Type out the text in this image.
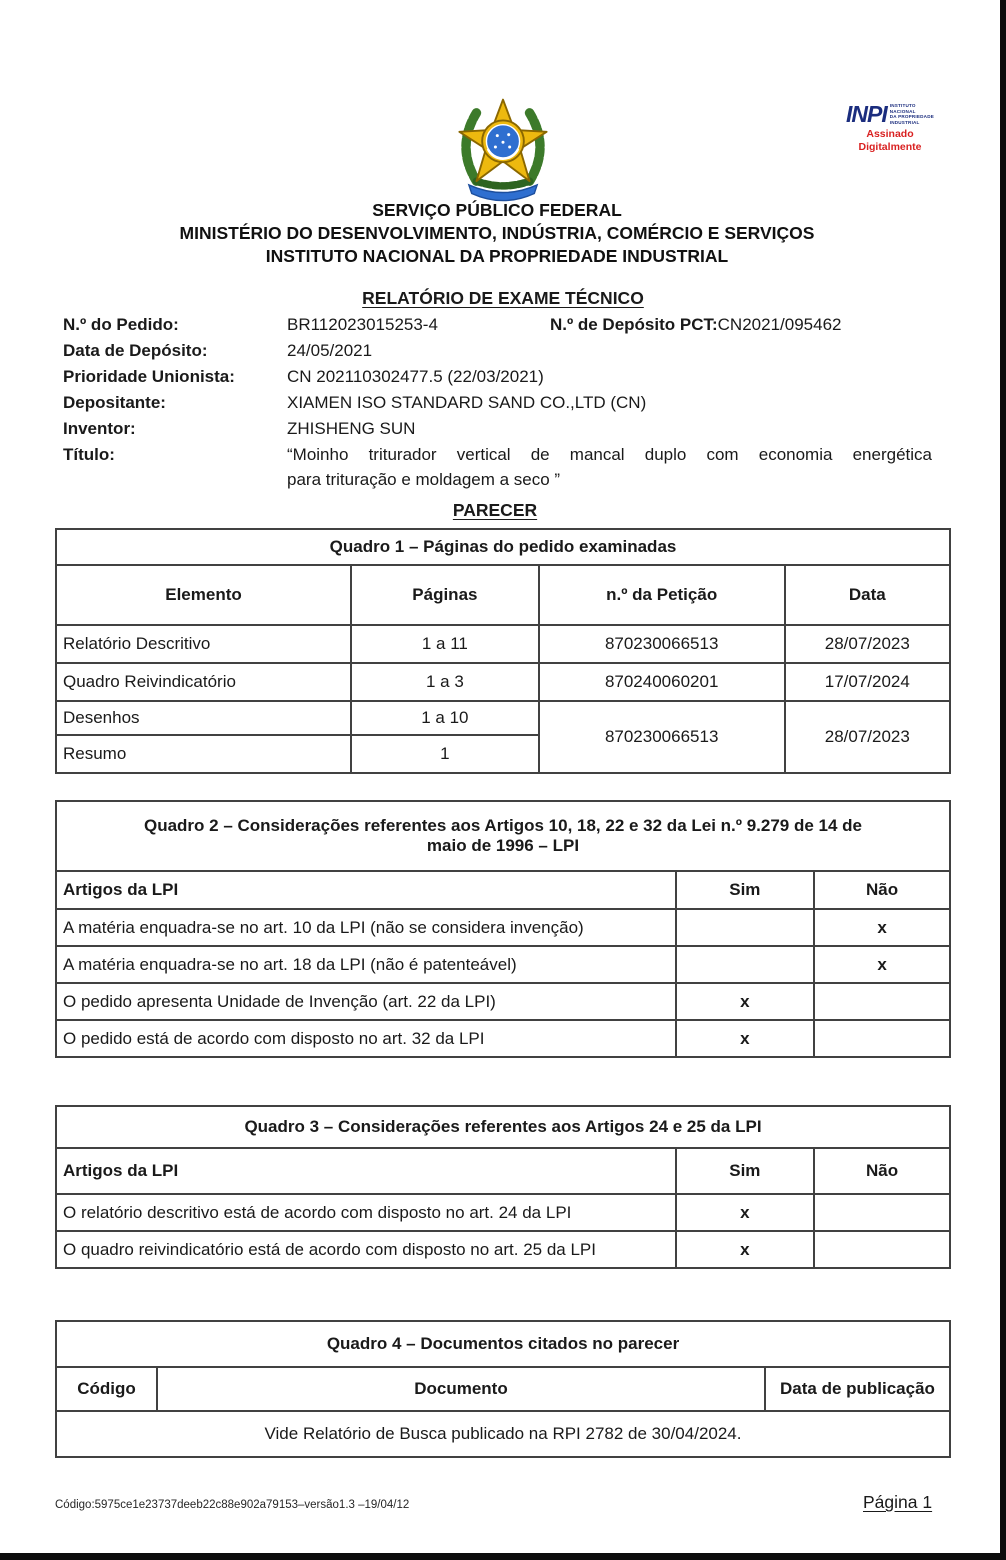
INPI INSTITUTO
NACIONAL
DA PROPRIEDADE
INDUSTRIAL
Assinado
Digitalmente
SERVIÇO PÚBLICO FEDERAL
MINISTÉRIO DO DESENVOLVIMENTO, INDÚSTRIA, COMÉRCIO E SERVIÇOS
INSTITUTO NACIONAL DA PROPRIEDADE INDUSTRIAL
RELATÓRIO DE EXAME TÉCNICO
N.º do Pedido:	BR112023015253-4	N.º de Depósito PCT:CN2021/095462
Data de Depósito:	24/05/2021
Prioridade Unionista:	CN 202110302477.5 (22/03/2021)
Depositante:	XIAMEN ISO STANDARD SAND CO.,LTD (CN)
Inventor:	ZHISHENG SUN
Título:	“Moinho triturador vertical de mancal duplo com economia energética
para trituração e moldagem a seco ”
PARECER
Quadro 1 – Páginas do pedido examinadas			
Elemento	Páginas	n.º da Petição	Data
Relatório Descritivo	1 a 11	870230066513	28/07/2023
Quadro Reivindicatório	1 a 3	870240060201	17/07/2024
Desenhos	1 a 10	870230066513	28/07/2023
Resumo	1		
Quadro 2 – Considerações referentes aos Artigos 10, 18, 22 e 32 da Lei n.º 9.279 de 14 de
maio de 1996 – LPI		

Artigos da LPI	Sim	Não
A matéria enquadra-se no art. 10 da LPI (não se considera invenção)		x
A matéria enquadra-se no art. 18 da LPI (não é patenteável)		x
O pedido apresenta Unidade de Invenção (art. 22 da LPI)	x	
O pedido está de acordo com disposto no art. 32 da LPI	x	
Quadro 3 – Considerações referentes aos Artigos 24 e 25 da LPI		
Artigos da LPI	Sim	Não
O relatório descritivo está de acordo com disposto no art. 24 da LPI	x	
O quadro reivindicatório está de acordo com disposto no art. 25 da LPI	x	
Quadro 4 – Documentos citados no parecer
Código	Documento	Data de publicação
Vide Relatório de Busca publicado na RPI 2782 de 30/04/2024.
Código:5975ce1e23737deeb22c88e902a79153–versão1.3 –19/04/12	Página 1
